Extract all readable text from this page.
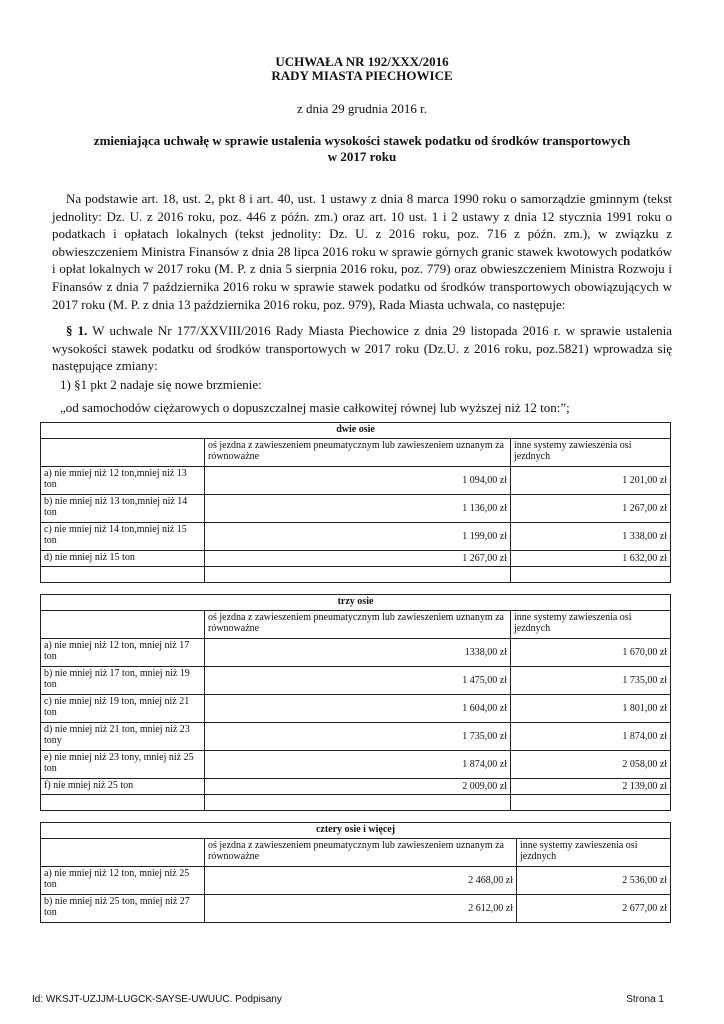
UCHWAŁA NR 192/XXX/2016
RADY MIASTA PIECHOWICE
z dnia 29 grudnia 2016 r.
zmieniająca uchwałę w sprawie ustalenia wysokości stawek podatku od środków transportowych
w 2017 roku

Na podstawie art. 18, ust. 2, pkt 8 i art. 40, ust. 1 ustawy z dnia 8 marca 1990 roku o samorządzie gminnym (tekst jednolity: Dz. U. z 2016 roku, poz. 446 z późn. zm.) oraz art. 10 ust. 1 i 2 ustawy z dnia 12 stycznia 1991 roku o podatkach i opłatach lokalnych (tekst jednolity: Dz. U. z 2016 roku, poz. 716 z późn. zm.), w związku z obwieszczeniem Ministra Finansów z dnia 28 lipca 2016 roku w sprawie górnych granic stawek kwotowych podatków i opłat lokalnych w 2017 roku (M. P. z dnia 5 sierpnia 2016 roku, poz. 779) oraz obwieszczeniem Ministra Rozwoju i Finansów z dnia 7 października 2016 roku w sprawie stawek podatku od środków transportowych obowiązujących w 2017 roku (M. P. z dnia 13 października 2016 roku, poz. 979), Rada Miasta uchwala, co następuje:

§ 1. W uchwale Nr 177/XXVIII/2016 Rady Miasta Piechowice z dnia 29 listopada 2016 r. w sprawie ustalenia wysokości stawek podatku od środków transportowych w 2017 roku (Dz.U. z 2016 roku, poz.5821) wprowadza się następujące zmiany:

1) §1 pkt 2 nadaje się nowe brzmienie:
„od samochodów ciężarowych o dopuszczalnej masie całkowitej równej lub wyższej niż 12 ton:”;
dwie osie		
	oś jezdna z zawieszeniem pneumatycznym lub zawieszeniem uznanym za równoważne	inne systemy zawieszenia osi jezdnych
a) nie mniej niż 12 ton,mniej niż 13 ton	1 094,00 zł	1 201,00 zł
b) nie mniej niż 13 ton,mniej niż 14 ton	1 136,00 zł	1 267,00 zł
c) nie mniej niż 14 ton,mniej niż 15 ton	1 199,00 zł	1 338,00 zł
d) nie mniej niż 15 ton	1 267,00 zł	1 632,00 zł

trzy osie		
	oś jezdna z zawieszeniem pneumatycznym lub zawieszeniem uznanym za równoważne	inne systemy zawieszenia osi jezdnych
a) nie mniej niż 12 ton, mniej niż 17 ton	1338,00 zł	1 670,00 zł
b) nie mniej niż 17 ton, mniej niż 19 ton	1 475,00 zł	1 735,00 zł
c) nie mniej niż 19 ton, mniej niż 21 ton	1 604,00 zł	1 801,00 zł
d) nie mniej niż 21 ton, mniej niż 23 tony	1 735,00 zł	1 874,00 zł
e) nie mniej niż 23 tony, mniej niż 25 ton	1 874,00 zł	2 058,00 zł
f) nie mniej niż 25 ton	2 009,00 zł	2 139,00 zł

cztery osie i więcej		
	oś jezdna z zawieszeniem pneumatycznym lub zawieszeniem uznanym za równoważne	inne systemy zawieszenia osi jezdnych
a) nie mniej niż 12 ton, mniej niż 25 ton	2 468,00 zł	2 536,00 zł
b) nie mniej niż 25 ton, mniej niż 27 ton	2 612,00 zł	2 677,00 zł
Id: WKSJT-UZJJM-LUGCK-SAYSE-UWUUC. Podpisany	Strona 1
